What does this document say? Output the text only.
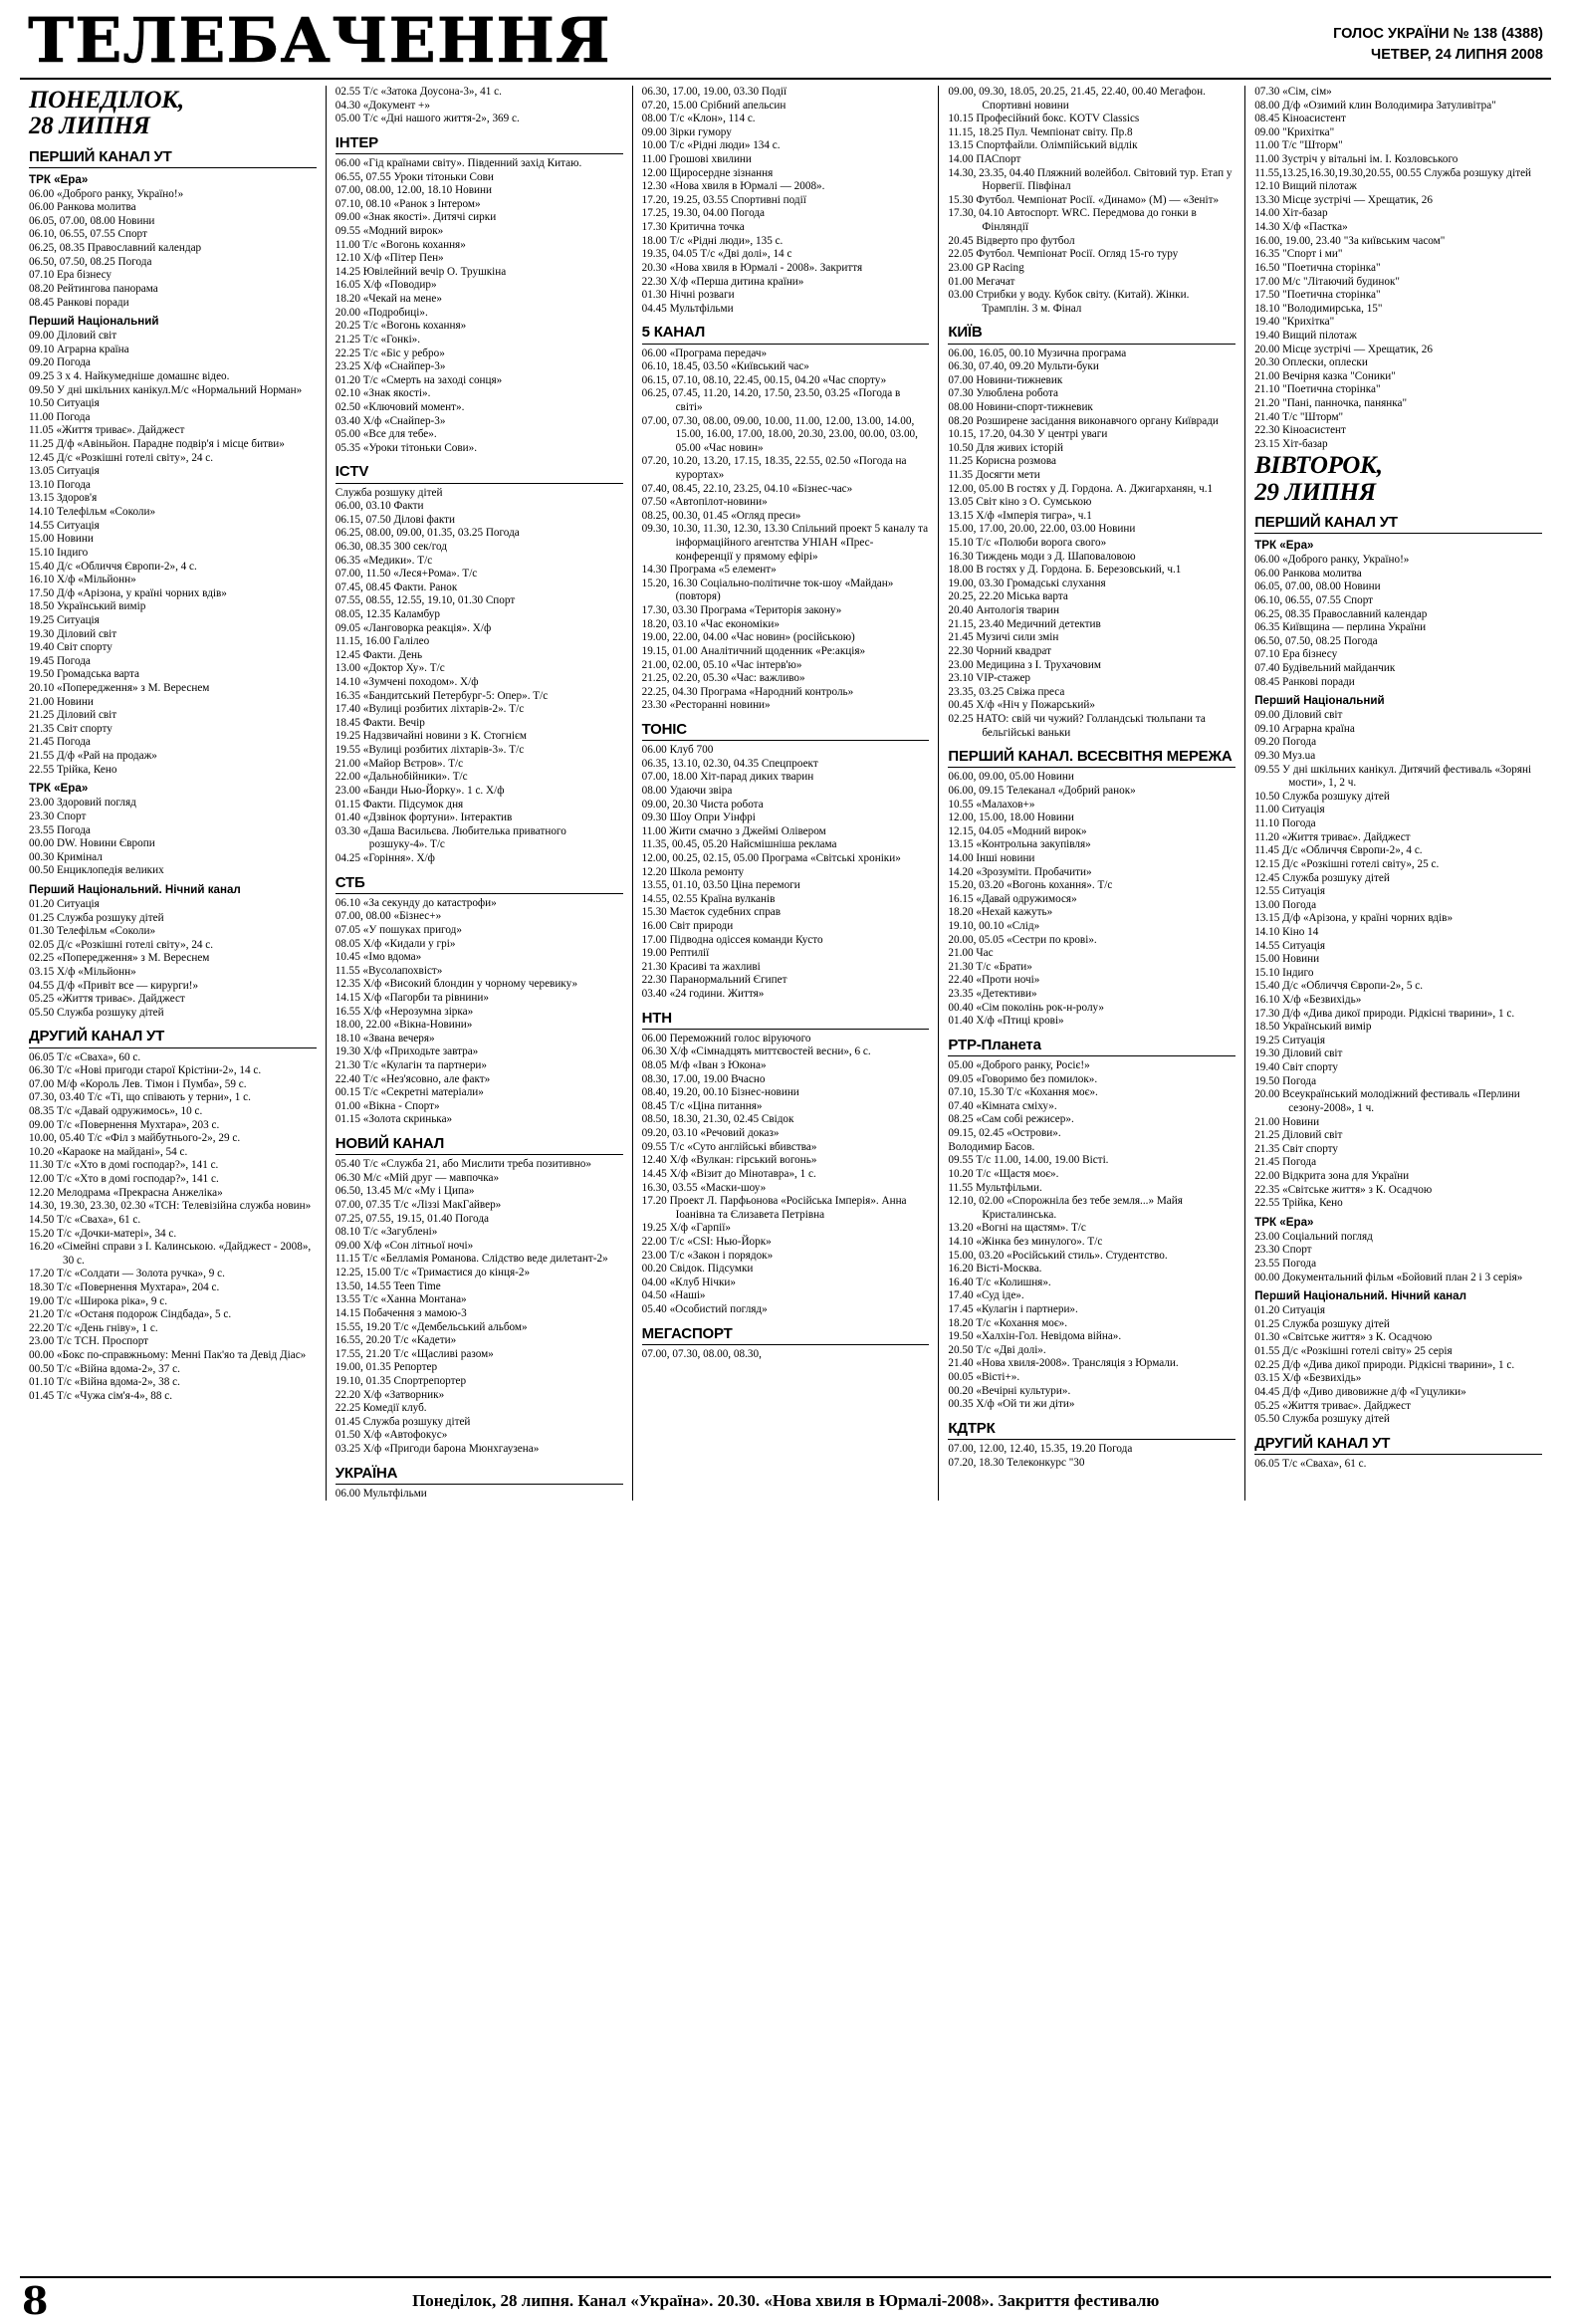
ТЕЛЕБАЧЕННЯ	ГОЛОС УКРАЇНИ № 138 (4388)
ЧЕТВЕР, 24 ЛИПНЯ 2008
ПОНЕДІЛОК,
28 ЛИПНЯ
ПЕРШИЙ КАНАЛ УТ
ТРК «Ера»
06.00 «Доброго ранку, Україно!»
06.00 Ранкова молитва
06.05, 07.00, 08.00 Новини
06.10, 06.55, 07.55 Спорт
06.25, 08.35 Православний календар
06.50, 07.50, 08.25 Погода
07.10 Ера бізнесу
08.20 Рейтингова панорама
08.45 Ранкові поради
Перший Національний
09.00 Діловий світ
09.10 Аграрна країна
09.20 Погода
09.25 3 х 4. Найкумедніше домашнє відео.
09.50 У дні шкільних канікул.М/с «Нормальний Норман»
10.50 Ситуація
11.00 Погода
11.05 «Життя триває». Дайджест
11.25 Д/ф «Авіньйон. Парадне подвір'я і місце битви»
12.45 Д/с «Розкішні готелі світу», 24 с.
13.05 Ситуація
13.10 Погода
13.15 Здоров'я
14.10 Телефільм «Соколи»
14.55 Ситуація
15.00 Новини
15.10 Індиго
15.40 Д/с «Обличчя Європи-2», 4 с.
16.10 Х/ф «Мільйонн»
17.50 Д/ф «Арізона, у країні чорних вдів»
18.50 Український вимір
19.25 Ситуація
19.30 Діловий світ
19.40 Світ спорту
19.45 Погода
19.50 Громадська варта
20.10 «Попередження» з М. Вереснем
21.00 Новини
21.25 Діловий світ
21.35 Світ спорту
21.45 Погода
21.55 Д/ф «Рай на продаж»
22.55 Трійка, Кено
ТРК «Ера»
23.00 Здоровий погляд
23.30 Спорт
23.55 Погода
00.00 DW. Новини Європи
00.30 Кримінал
00.50 Енциклопедія великих
Перший Національний. Нічний канал
01.20 Ситуація
01.25 Служба розшуку дітей
01.30 Телефільм «Соколи»
02.05 Д/с «Розкішні готелі світу», 24 с.
02.25 «Попередження» з М. Вереснем
03.15 Х/ф «Мільйонн»
04.55 Д/ф «Привіт все — кирурги!»
05.25 «Життя триває». Дайджест
05.50 Служба розшуку дітей
ДРУГИЙ КАНАЛ УТ
06.05 Т/с «Сваха», 60 с.
06.30 Т/с «Нові пригоди старої Крістіни-2», 14 с.
07.00 М/ф «Король Лев. Тімон і Пумба», 59 с.
07.30, 03.40 Т/с «Ті, що співають у терни», 1 с.
08.35 Т/с «Давай одружимось», 10 с.
09.00 Т/с «Повернення Мухтара», 203 с.
10.00, 05.40 Т/с «Філ з майбутнього-2», 29 с.
10.20 «Караоке на майдані», 54 с.
11.30 Т/с «Хто в домі господар?», 141 с.
12.00 Т/с «Хто в домі господар?», 141 с.
12.20 Мелодрама «Прекрасна Анжеліка»
14.30, 19.30, 23.30, 02.30 «ТСН: Телевізійна служба новин»
14.50 Т/с «Сваха», 61 с.
15.20 Т/с «Дочки-матері», 34 с.
16.20 «Сімейні справи з І. Калинською. «Дайджест - 2008», 30 с.
17.20 Т/с «Солдати — Золота ручка», 9 с.
18.30 Т/с «Повернення Мухтара», 204 с.
19.00 Т/с «Широка ріка», 9 с.
21.20 Т/с «Останя подорож Сіндбада», 5 с.
22.20 Т/с «День гніву», 1 с.
23.00 Т/с ТСН. Проспорт
00.00 «Бокс по-справжньому: Менні Пак'яо та Девід Діас»
00.50 Т/с «Війна вдома-2», 37 с.
01.10 Т/с «Війна вдома-2», 38 с.
01.45 Т/с «Чужа сім'я-4», 88 с.
02.55 Т/с «Затока Доусона-3», 41 с.
04.30 «Документ +»
05.00 Т/с «Дні нашого життя-2», 369 с.
ІНТЕР
06.00 «Гід країнами світу». Південний захід Китаю.
06.55, 07.55 Уроки тітоньки Сови
07.00, 08.00, 12.00, 18.10 Новини
07.10, 08.10 «Ранок з Інтером»
09.00 «Знак якості». Дитячі сирки
09.55 «Модний вирок»
11.00 Т/с «Вогонь кохання»
12.10 Х/ф «Пітер Пен»
14.25 Ювілейний вечір О. Трушкіна
16.05 Х/ф «Поводир»
18.20 «Чекай на мене»
20.00 «Подробиці».
20.25 Т/с «Вогонь кохання»
21.25 Т/с «Гонкі».
22.25 Т/с «Біс у ребро»
23.25 Х/ф «Снайпер-3»
01.20 Т/с «Смерть на заході сонця»
02.10 «Знак якості».
02.50 «Ключовий момент».
03.40 Х/ф «Снайпер-3»
05.00 «Все для тебе».
05.35 «Уроки тітоньки Сови».
ICTV
Служба розшуку дітей
06.00, 03.10 Факти
06.15, 07.50 Ділові факти
06.25, 08.00, 09.00, 01.35, 03.25 Погода
06.30, 08.35 300 сек/год
06.35 «Медики». Т/с
07.00, 11.50 «Леся+Рома». Т/с
07.45, 08.45 Факти. Ранок
07.55, 08.55, 12.55, 19.10, 01.30 Спорт
08.05, 12.35 Каламбур
09.05 «Ланговорка реакція». Х/ф
11.15, 16.00 Галілео
12.45 Факти. День
13.00 «Доктор Ху». Т/с
14.10 «Зумчені походом». Х/ф
16.35 «Бандитський Петербург-5: Опер». Т/с
17.40 «Вулиці розбитих ліхтарів-2». Т/с
18.45 Факти. Вечір
19.25 Надзвичайні новини з К. Стогнієм
19.55 «Вулиці розбитих ліхтарів-3». Т/с
21.00 «Майор Вєтров». Т/с
22.00 «Дальнобійники». Т/с
23.00 «Банди Нью-Йорку». 1 с. Х/ф
01.15 Факти. Підсумок дня
01.40 «Дзвінок фортуни». Інтерактив
03.30 «Даша Васильєва. Любителька приватного розшуку-4». Т/с
04.25 «Горіння». Х/ф
СТБ
06.10 «За секунду до катастрофи»
07.00, 08.00 «Бізнес+»
07.05 «У пошуках пригод»
08.05 Х/ф «Кидали у грі»
10.45 «Імо вдома»
11.55 «Вусолапохвіст»
12.35 Х/ф «Високий блондин у чорному черевику»
14.15 Х/ф «Пагорби та рівнини»
16.55 Х/ф «Нерозумна зірка»
18.00, 22.00 «Вікна-Новини»
18.10 «Звана вечеря»
19.30 Х/ф «Приходьте завтра»
21.30 Т/с «Кулагін та партнери»
22.40 Т/с «Нез'ясовно, але факт»
00.15 Т/с «Секретні матеріали»
01.00 «Вікна - Спорт»
01.15 «Золота скринька»
НОВИЙ КАНАЛ
05.40 Т/с «Служба 21, або Мислити треба позитивно»
06.30 М/с «Мій друг — мавпочка»
06.50, 13.45 М/с «Му і Ципа»
07.00, 07.35 Т/с «Ліззі МакГайвер»
07.25, 07.55, 19.15, 01.40 Погода
08.10 Т/с «Загублені»
09.00 Х/ф «Сон літньої ночі»
11.15 Т/с «Белламія Романова. Слідство веде дилетант-2»
12.25, 15.00 Т/с «Тримаєтися до кінця-2»
13.50, 14.55 Teen Time
13.55 Т/с «Ханна Монтана»
14.15 Побачення з мамою-3
15.55, 19.20 Т/с «Дембельський альбом»
16.55, 20.20 Т/с «Кадети»
17.55, 21.20 Т/с «Щасливі разом»
19.00, 01.35 Репортер
19.10, 01.35 Спортрепортер
22.20 Х/ф «Затворник»
22.25 Комедії клуб.
01.45 Служба розшуку дітей
01.50 Х/ф «Автофокус»
03.25 Х/ф «Пригоди барона Мюнхгаузена»
УКРАЇНА
06.00 Мультфільми
06.30, 17.00, 19.00, 03.30 Події
07.20, 15.00 Срібний апельсин
08.00 Т/с «Клон», 114 с.
09.00 Зірки гумору
10.00 Т/с «Рідні люди» 134 с.
11.00 Грошові хвилини
12.00 Щиросердне зізнання
12.30 «Нова хвиля в Юрмалі — 2008».
17.20, 19.25, 03.55 Спортивні події
17.25, 19.30, 04.00 Погода
17.30 Критична точка
18.00 Т/с «Рідні люди», 135 с.
19.35, 04.05 Т/с «Дві долі», 14 с
20.30 «Нова хвиля в Юрмалі - 2008». Закриття
22.30 Х/ф «Перша дитина країни»
01.30 Нічні розваги
04.45 Мультфільми
5 КАНАЛ
06.00 «Програма передач»
06.10, 18.45, 03.50 «Київський час»
06.15, 07.10, 08.10, 22.45, 00.15, 04.20 «Час спорту»
06.25, 07.45, 11.20, 14.20, 17.50, 23.50, 03.25 «Погода в світі»
07.00, 07.30, 08.00, 09.00, 10.00, 11.00, 12.00, 13.00, 14.00, 15.00, 16.00, 17.00, 18.00, 20.30, 23.00, 00.00, 03.00, 05.00 «Час новин»
07.20, 10.20, 13.20, 17.15, 18.35, 22.55, 02.50 «Погода на курортах»
07.40, 08.45, 22.10, 23.25, 04.10 «Бізнес-час»
07.50 «Автопілот-новини»
08.25, 00.30, 01.45 «Огляд преси»
09.30, 10.30, 11.30, 12.30, 13.30 Спільний проект 5 каналу та інформаційного агентства УНІАН «Прес-конференції у прямому ефірі»
14.30 Програма «5 елемент»
15.20, 16.30 Соціально-політичне ток-шоу «Майдан» (повторя)
17.30, 03.30 Програма «Територія закону»
18.20, 03.10 «Час економіки»
19.00, 22.00, 04.00 «Час новин» (російською)
19.15, 01.00 Аналітичний щоденник «Ре:акція»
21.00, 02.00, 05.10 «Час інтерв'ю»
21.25, 02.20, 05.30 «Час: важливо»
22.25, 04.30 Програма «Народний контроль»
23.30 «Ресторанні новини»
ТОНІС
06.00 Клуб 700
06.35, 13.10, 02.30, 04.35 Спецпроект
07.00, 18.00 Хіт-парад диких тварин
08.00 Удаючи звіра
09.00, 20.30 Чиста робота
09.30 Шоу Опри Уінфрі
11.00 Жити смачно з Джеймі Олівером
11.35, 00.45, 05.20 Найсмішніша реклама
12.00, 00.25, 02.15, 05.00 Програма «Світські хроніки»
12.20 Школа ремонту
13.55, 01.10, 03.50 Ціна перемоги
14.55, 02.55 Країна вулканів
15.30 Маєток судебних справ
16.00 Світ природи
17.00 Підводна одіссея команди Кусто
19.00 Рептилії
21.30 Красиві та жахливі
22.30 Паранормальний Єгипет
03.40 «24 години. Життя»
НТН
06.00 Переможний голос віруючого
06.30 Х/ф «Сімнадцять миттєвостей весни», 6 с.
08.05 М/ф «Іван з Юкона»
08.30, 17.00, 19.00 Вчасно
08.40, 19.20, 00.10 Бізнес-новини
08.45 Т/с «Ціна питання»
08.50, 18.30, 21.30, 02.45 Свідок
09.20, 03.10 «Речовий доказ»
09.55 Т/с «Суто англійські вбивства»
12.40 Х/ф «Вулкан: гірський вогонь»
14.45 Х/ф «Візит до Мінотавра», 1 с.
16.30, 03.55 «Маски-шоу»
17.20 Проект Л. Парфьонова «Російська Імперія». Анна Іоанівна та Єлизавета Петрівна
19.25 Х/ф «Гарпії»
22.00 Т/с «CSI: Нью-Йорк»
23.00 Т/с «Закон і порядок»
00.20 Свідок. Підсумки
04.00 «Клуб Нічки»
04.50 «Наші»
05.40 «Особистий погляд»
МЕГАСПОРТ
07.00, 07.30, 08.00, 08.30,
09.00, 09.30, 18.05, 20.25, 21.45, 22.40, 00.40 Мегафон. Спортивні новини
10.15 Професійний бокс. KOTV Classics
11.15, 18.25 Пул. Чемпіонат світу. Пр.8
13.15 Спортфайли. Олімпійський відлік
14.00 ПАСпорт
14.30, 23.35, 04.40 Пляжний волейбол. Світовий тур. Етап у Норвегії. Півфінал
15.30 Футбол. Чемпіонат Росії. «Динамо» (М) — «Зеніт»
17.30, 04.10 Автоспорт. WRC. Передмова до гонки в Фінляндії
20.45 Відверто про футбол
22.05 Футбол. Чемпіонат Росії. Огляд 15-го туру
23.00 GP Racing
01.00 Мегачат
03.00 Стрибки у воду. Кубок світу. (Китай). Жінки. Трамплін. 3 м. Фінал
КИЇВ
06.00, 16.05, 00.10 Музична програма
06.30, 07.40, 09.20 Мульти-буки
07.00 Новини-тижневик
07.30 Улюблена робота
08.00 Новини-спорт-тижневик
08.20 Розширене засідання виконавчого органу Київради
10.15, 17.20, 04.30 У центрі уваги
10.50 Для живих історій
11.25 Корисна розмова
11.35 Досягти мети
12.00, 05.00 В гостях у Д. Гордона. А. Джигарханян, ч.1
13.05 Світ кіно з О. Сумською
13.15 Х/ф «Імперія тигра», ч.1
15.00, 17.00, 20.00, 22.00, 03.00 Новини
15.10 Т/с «Полюби ворога свого»
16.30 Тиждень моди з Д. Шаповаловою
18.00 В гостях у Д. Гордона. Б. Березовський, ч.1
19.00, 03.30 Громадські слухання
20.25, 22.20 Міська варта
20.40 Антологія тварин
21.15, 23.40 Медичний детектив
21.45 Музичі сили змін
22.30 Чорний квадрат
23.00 Медицина з І. Трухачовим
23.10 VIP-стажер
23.35, 03.25 Свіжа преса
00.45 Х/ф «Ніч у Пожарський»
02.25 НАТО: свій чи чужий? Голландські тюльпани та бельгійські ваньки
ПЕРШИЙ КАНАЛ. ВСЕСВІТНЯ МЕРЕЖА
06.00, 09.00, 05.00 Новини
06.00, 09.15 Телеканал «Добрий ранок»
10.55 «Малахов+»
12.00, 15.00, 18.00 Новини
12.15, 04.05 «Модний вирок»
13.15 «Контрольна закупівля»
14.00 Інші новини
14.20 «Зрозуміти. Пробачити»
15.20, 03.20 «Вогонь кохання». Т/с
16.15 «Давай одружимося»
18.20 «Нехай кажуть»
19.10, 00.10 «Слід»
20.00, 05.05 «Сестри по крові».
21.00 Час
21.30 Т/с «Брати»
22.40 «Проти ночі»
23.35 «Детективи»
00.40 «Сім поколінь рок-н-ролу»
01.40 Х/ф «Птиці крові»
РТР-Планета
05.00 «Доброго ранку, Росіє!»
09.05 «Говоримо без помилок».
07.10, 15.30 Т/с «Кохання моє».
07.40 «Кімната сміху».
08.25 «Сам собі режисер».
09.15, 02.45 «Острови».
Володимир Басов.
09.55 Т/с 11.00, 14.00, 19.00 Вісті.
10.20 Т/с «Щастя моє».
11.55 Мультфільми.
12.10, 02.00 «Спорожніла без тебе земля...» Майя Кристалинська.
13.20 «Вогні на щастям». Т/с
14.10 «Жінка без минулого». Т/с
15.00, 03.20 «Російський стиль». Студентство.
16.20 Вісті-Москва.
16.40 Т/с «Колишня».
17.40 «Суд іде».
17.45 «Кулагін і партнери».
18.20 Т/с «Кохання моє».
19.50 «Халхін-Гол. Невідома війна».
20.50 Т/с «Дві долі».
21.40 «Нова хвиля-2008». Трансляція з Юрмали.
00.05 «Вісті+».
00.20 «Вечірні культури».
00.35 Х/ф «Ой ти жи діти»
КДТРК
07.00, 12.00, 12.40, 15.35, 19.20 Погода
07.20, 18.30 Телеконкурс "30
07.30 «Сім, сім»
08.00 Д/ф «Озимий клин Володимира Затуливітра"
08.45 Кіноасистент
09.00 "Крихітка"
11.00 Т/с "Шторм"
11.00 Зустріч у вітальні ім. І. Козловського
11.55,13.25,16.30,19.30,20.55, 00.55 Служба розшуку дітей
12.10 Вищий пілотаж
13.30 Місце зустрічі — Хрещатик, 26
14.00 Хіт-базар
14.30 Х/ф «Пастка»
16.00, 19.00, 23.40 "За київським часом"
16.35 "Спорт і ми"
16.50 "Поетична сторінка"
17.00 М/с "Літаючий будинок"
17.50 "Поетична сторінка"
18.10 "Володимирська, 15"
19.40 "Крихітка"
19.40 Вищий пілотаж
20.00 Місце зустрічі — Хрещатик, 26
20.30 Оплески, оплески
21.00 Вечірня казка "Соники"
21.10 "Поетична сторінка"
21.20 "Пані, панночка, панянка"
21.40 Т/с "Шторм"
22.30 Кіноасистент
23.15 Хіт-базар
ВІВТОРОК,
29 ЛИПНЯ
ПЕРШИЙ КАНАЛ УТ
ТРК «Ера»
06.00 «Доброго ранку, Україно!»
06.00 Ранкова молитва
06.05, 07.00, 08.00 Новини
06.10, 06.55, 07.55 Спорт
06.25, 08.35 Православний календар
06.35 Київщина — перлина України
06.50, 07.50, 08.25 Погода
07.10 Ера бізнесу
07.40 Будівельний майданчик
08.45 Ранкові поради
Перший Національний
09.00 Діловий світ
09.10 Аграрна країна
09.20 Погода
09.30 Муз.ua
09.55 У дні шкільних канікул. Дитячий фестиваль «Зоряні мости», 1, 2 ч.
10.50 Служба розшуку дітей
11.00 Ситуація
11.10 Погода
11.20 «Життя триває». Дайджест
11.45 Д/с «Обличчя Європи-2», 4 с.
12.15 Д/с «Розкішні готелі світу», 25 с.
12.45 Служба розшуку дітей
12.55 Ситуація
13.00 Погода
13.15 Д/ф «Арізона, у країні чорних вдів»
14.10 Кіно 14
14.55 Ситуація
15.00 Новини
15.10 Індиго
15.40 Д/с «Обличчя Європи-2», 5 с.
16.10 Х/ф «Безвихідь»
17.30 Д/ф «Дива дикої природи. Рідкісні тварини», 1 с.
18.50 Український вимір
19.25 Ситуація
19.30 Діловий світ
19.40 Світ спорту
19.50 Погода
20.00 Всеукраїнський молодіжний фестиваль «Перлини сезону-2008», 1 ч.
21.00 Новини
21.25 Діловий світ
21.35 Світ спорту
21.45 Погода
22.00 Відкрита зона для України
22.35 «Світське життя» з К. Осадчою
22.55 Трійка, Кено
ТРК «Ера»
23.00 Соціальний погляд
23.30 Спорт
23.55 Погода
00.00 Документальний фільм «Бойовий план 2 і 3 серія»
Перший Національний. Нічний канал
01.20 Ситуація
01.25 Служба розшуку дітей
01.30 «Світське життя» з К. Осадчою
01.55 Д/с «Розкішні готелі світу» 25 серія
02.25 Д/ф «Дива дикої природи. Рідкісні тварини», 1 с.
03.15 Х/ф «Безвихідь»
04.45 Д/ф «Диво дивовижне д/ф «Гуцулики»
05.25 «Життя триває». Дайджест
05.50 Служба розшуку дітей
ДРУГИЙ КАНАЛ УТ
06.05 Т/с «Сваха», 61 с.
8	Понеділок, 28 липня. Канал «Україна». 20.30. «Нова хвиля в Юрмалі-2008». Закриття фестивалю
